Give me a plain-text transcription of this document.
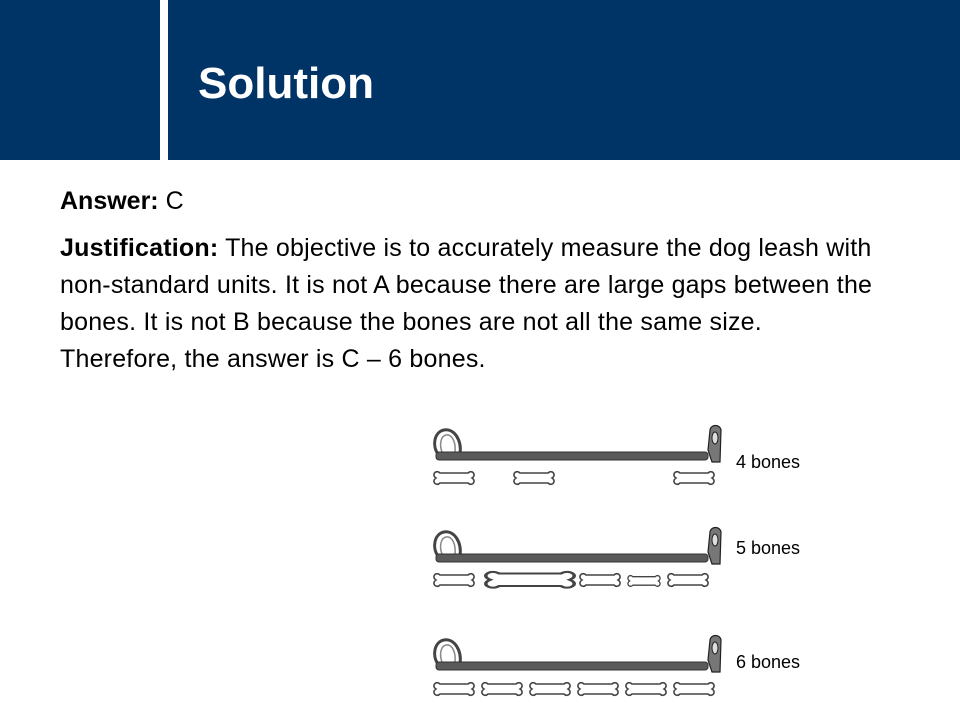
Solution

Answer: C

Justification: The objective is to accurately measure the dog leash with non-standard units. It is not A because there are large gaps between the bones. It is not B because the bones are not all the same size. Therefore, the answer is C – 6 bones.

4 bones
5 bones
6 bones
